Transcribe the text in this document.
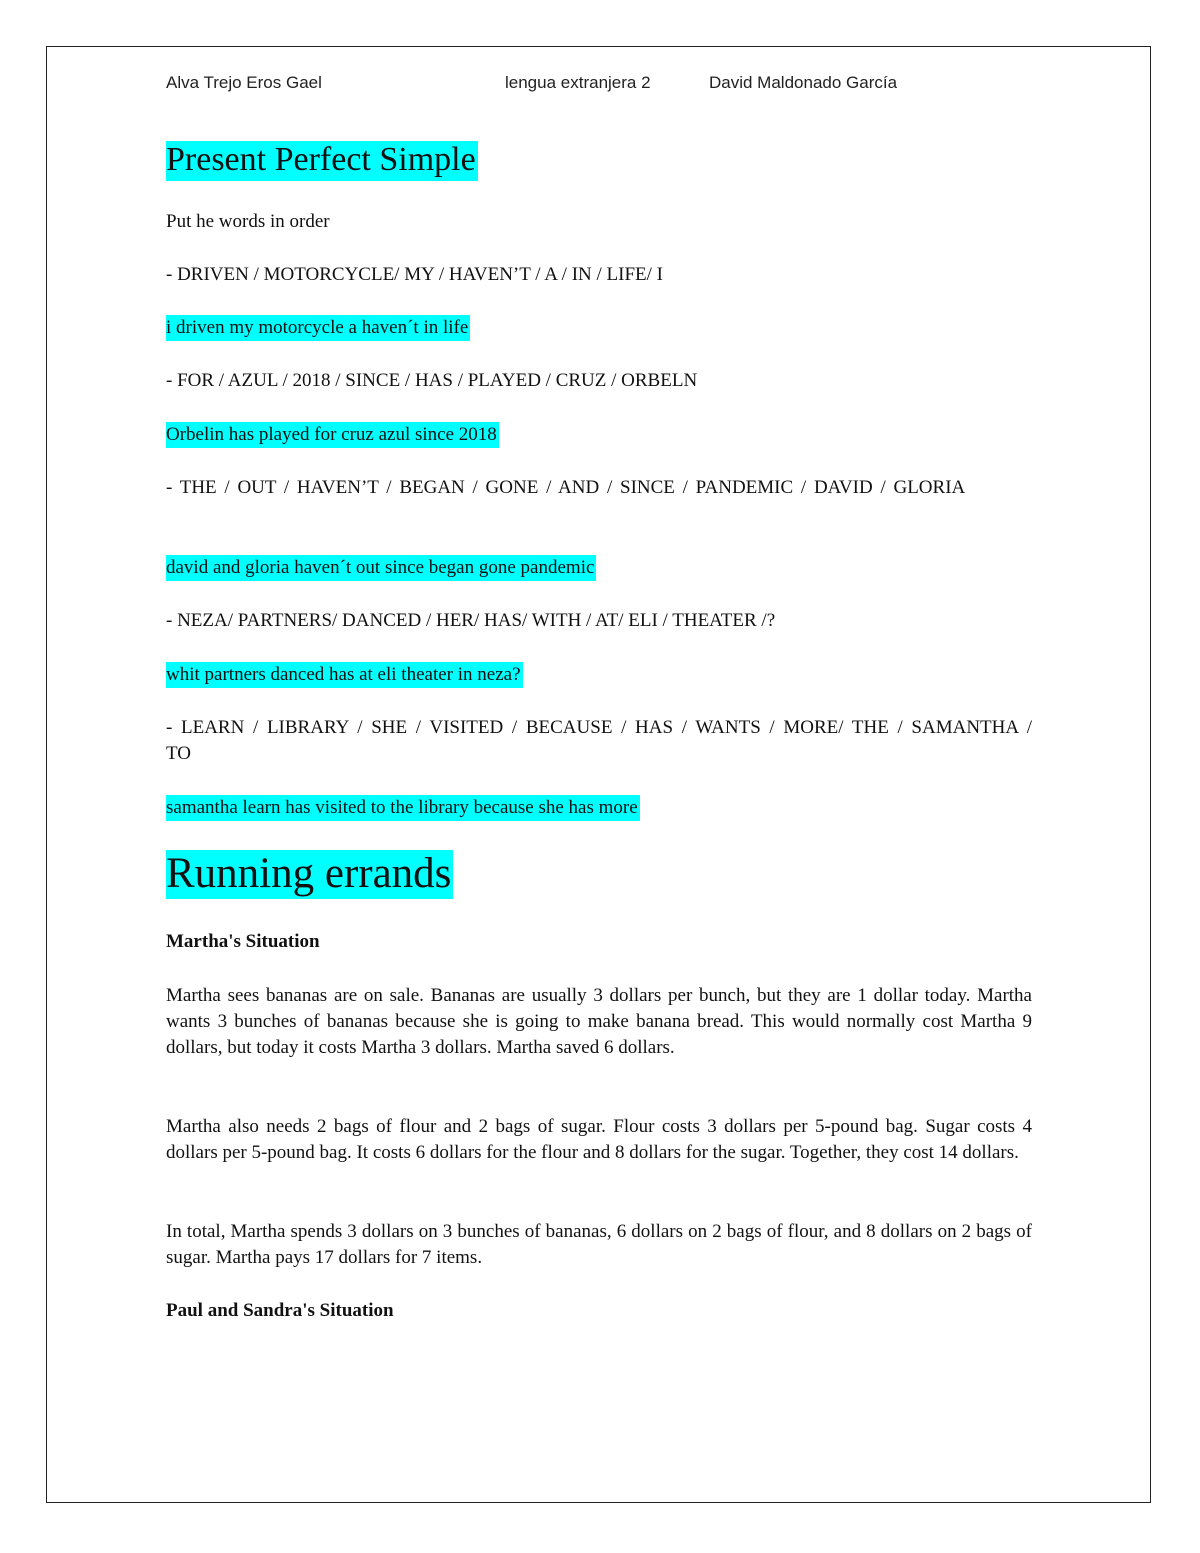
Alva Trejo Eros Gael	lengua extranjera 2	David Maldonado García
Present Perfect Simple
Put he words in order
- DRIVEN / MOTORCYCLE/ MY / HAVEN’T / A / IN / LIFE/ I
i driven my motorcycle a haven´t in life
- FOR / AZUL / 2018 / SINCE / HAS / PLAYED / CRUZ / ORBELN
Orbelin has played for cruz azul since 2018
- THE / OUT / HAVEN’T / BEGAN / GONE / AND / SINCE / PANDEMIC / DAVID / GLORIA
david and gloria haven´t out since began gone pandemic
- NEZA/ PARTNERS/ DANCED / HER/ HAS/ WITH / AT/ ELI / THEATER /?
whit partners danced has at eli theater in neza?
- LEARN / LIBRARY / SHE / VISITED / BECAUSE / HAS / WANTS / MORE/ THE / SAMANTHA / TO
samantha learn has visited to the library because she has more
Running errands
Martha's Situation
Martha sees bananas are on sale. Bananas are usually 3 dollars per bunch, but they are 1 dollar today. Martha wants 3 bunches of bananas because she is going to make banana bread. This would normally cost Martha 9 dollars, but today it costs Martha 3 dollars. Martha saved 6 dollars.
Martha also needs 2 bags of flour and 2 bags of sugar. Flour costs 3 dollars per 5-pound bag. Sugar costs 4 dollars per 5-pound bag. It costs 6 dollars for the flour and 8 dollars for the sugar. Together, they cost 14 dollars.
In total, Martha spends 3 dollars on 3 bunches of bananas, 6 dollars on 2 bags of flour, and 8 dollars on 2 bags of sugar. Martha pays 17 dollars for 7 items.
Paul and Sandra's Situation
